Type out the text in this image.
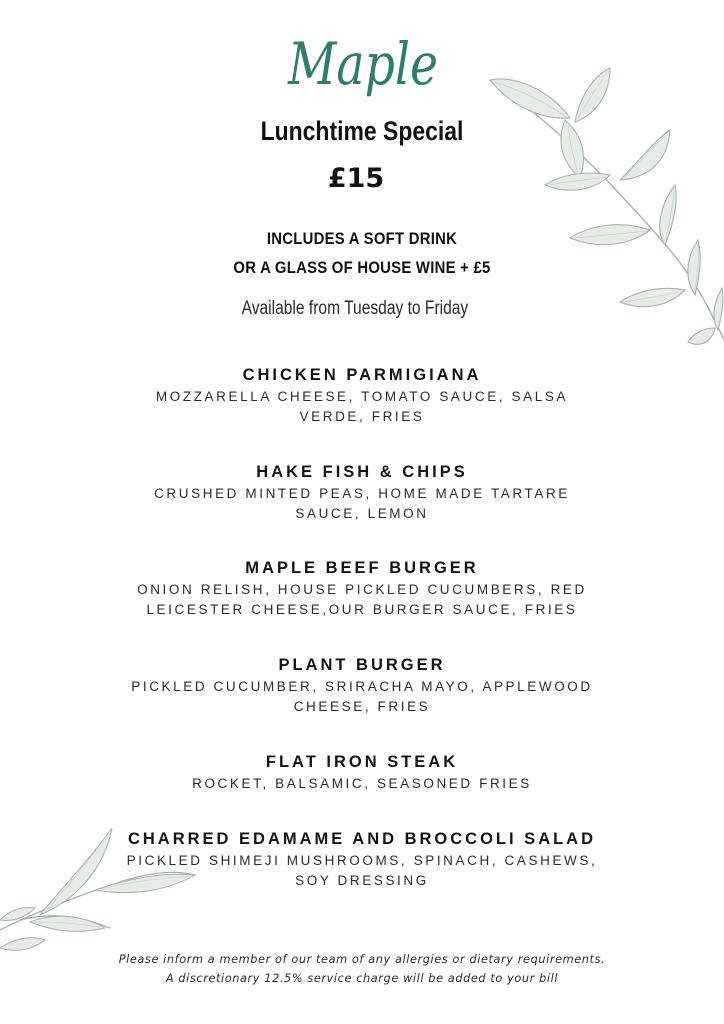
Maple
Lunchtime Special
£15
INCLUDES A SOFT DRINK
OR A GLASS OF HOUSE WINE + £5
Available from Tuesday to Friday
CHICKEN PARMIGIANA
MOZZARELLA CHEESE, TOMATO SAUCE, SALSA
VERDE, FRIES
HAKE FISH & CHIPS
CRUSHED MINTED PEAS, HOME MADE TARTARE
SAUCE, LEMON
MAPLE BEEF BURGER
ONION RELISH, HOUSE PICKLED CUCUMBERS, RED
LEICESTER CHEESE,OUR BURGER SAUCE, FRIES
PLANT BURGER
PICKLED CUCUMBER, SRIRACHA MAYO, APPLEWOOD
CHEESE, FRIES
FLAT IRON STEAK
ROCKET, BALSAMIC, SEASONED FRIES
CHARRED EDAMAME AND BROCCOLI SALAD
PICKLED SHIMEJI MUSHROOMS, SPINACH, CASHEWS,
SOY DRESSING
Please inform a member of our team of any allergies or dietary requirements.
A discretionary 12.5% service charge will be added to your bill
